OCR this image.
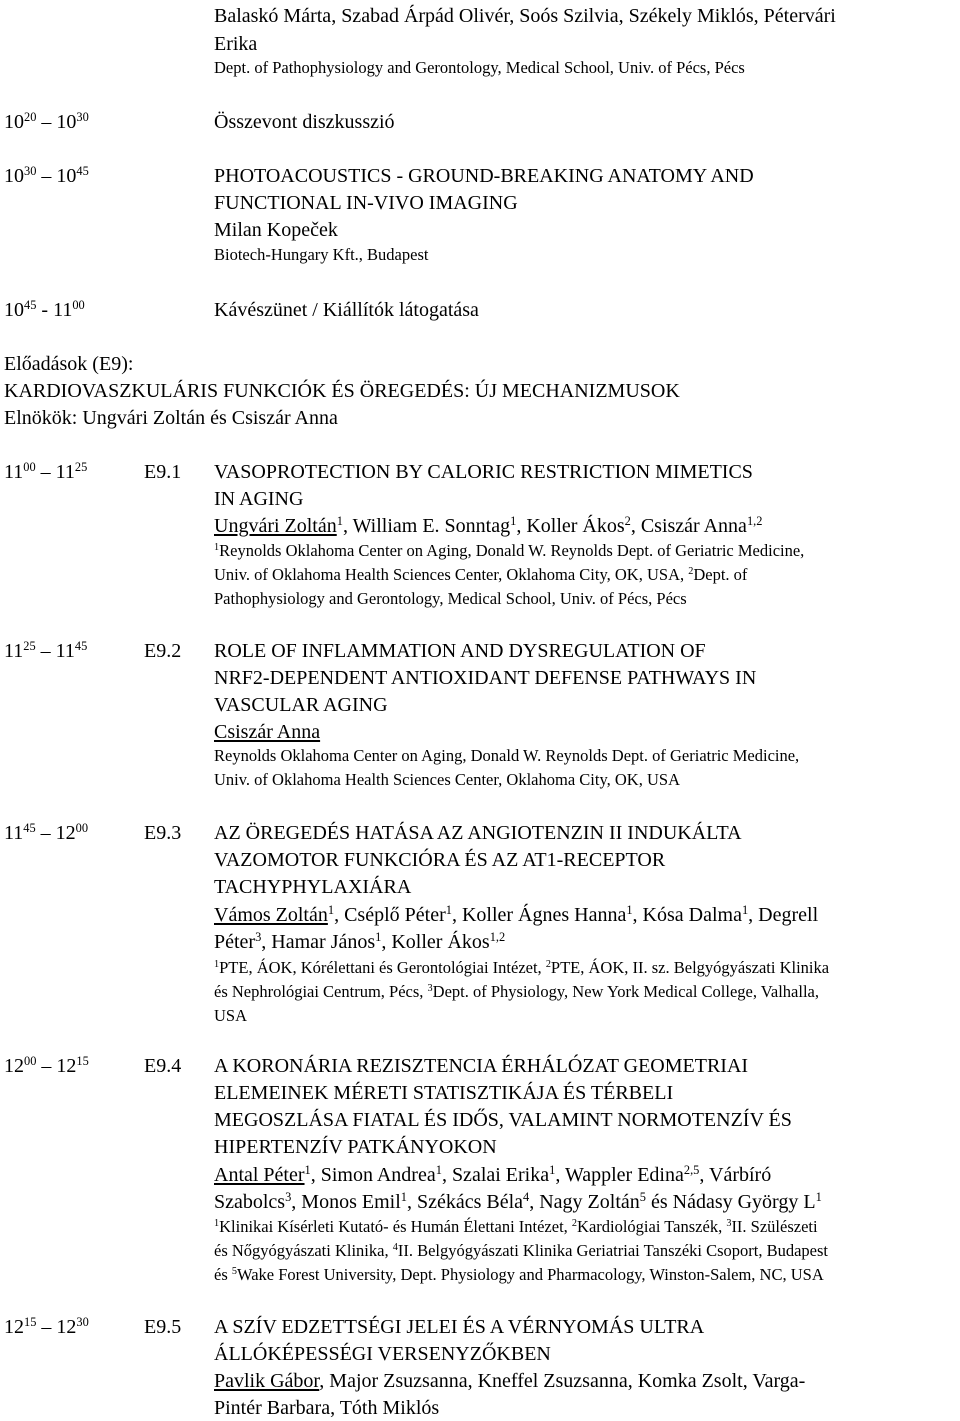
Balaskó Márta, Szabad Árpád Olivér, Soós Szilvia, Székely Miklós, Pétervári
Erika
Dept. of Pathophysiology and Gerontology, Medical School, Univ. of Pécs, Pécs
$10^{20} - 10^{30}$	Összevont diszkusszió
$10^{30} - 10^{45}$	PHOTOACOUSTICS - GROUND-BREAKING ANATOMY AND
FUNCTIONAL IN-VIVO IMAGING
Milan Kopeček
Biotech-Hungary Kft., Budapest
$10^{45} - 11^{00}$	Kávészünet / Kiállítók látogatása
Előadások (E9):
KARDIOVASZKULÁRIS FUNKCIÓK ÉS ÖREGEDÉS: ÚJ MECHANIZMUSOK
Elnökök: Ungvári Zoltán és Csiszár Anna
$11^{00} - 11^{25}$	E9.1 VASOPROTECTION BY CALORIC RESTRICTION MIMETICS
IN AGING
Ungvári Zoltán$^1$, William E. Sonntag$^1$, Koller Ákos$^2$, Csiszár Anna$^{1,2}$
$^1$Reynolds Oklahoma Center on Aging, Donald W. Reynolds Dept. of Geriatric Medicine,
Univ. of Oklahoma Health Sciences Center, Oklahoma City, OK, USA, $^2$Dept. of
Pathophysiology and Gerontology, Medical School, Univ. of Pécs, Pécs
$11^{25} - 11^{45}$	E9.2 ROLE OF INFLAMMATION AND DYSREGULATION OF
NRF2-DEPENDENT ANTIOXIDANT DEFENSE PATHWAYS IN
VASCULAR AGING
Csiszár Anna
Reynolds Oklahoma Center on Aging, Donald W. Reynolds Dept. of Geriatric Medicine,
Univ. of Oklahoma Health Sciences Center, Oklahoma City, OK, USA
$11^{45} - 12^{00}$	E9.3 AZ ÖREGEDÉS HATÁSA AZ ANGIOTENZIN II INDUKÁLTA
VAZOMOTOR FUNKCIÓRA ÉS AZ AT1-RECEPTOR
TACHYPHYLAXIÁRA
Vámos Zoltán$^1$, Cséplő Péter$^1$, Koller Ágnes Hanna$^1$, Kósa Dalma$^1$, Degrell
Péter$^3$, Hamar János$^1$, Koller Ákos$^{1,2}$
$^1$PTE, ÁOK, Kórélettani és Gerontológiai Intézet, $^2$PTE, ÁOK, II. sz. Belgyógyászati Klinika
és Nephrológiai Centrum, Pécs, $^3$Dept. of Physiology, New York Medical College, Valhalla,
USA
$12^{00} - 12^{15}$	E9.4 A KORONÁRIA REZISZTENCIA ÉRHÁLÓZAT GEOMETRIAI
ELEMEINEK MÉRETI STATISZTIKÁJA ÉS TÉRBELI
MEGOSZLÁSA FIATAL ÉS IDŐS, VALAMINT NORMOTENZÍV ÉS
HIPERTENZÍV PATKÁNYOKON
Antal Péter$^1$, Simon Andrea$^1$, Szalai Erika$^1$, Wappler Edina$^{2,5}$, Várbíró
Szabolcs$^3$, Monos Emil$^1$, Székács Béla$^4$, Nagy Zoltán$^5$ és Nádasy György $L^1$
$^1$Klinikai Kísérleti Kutató- és Humán Élettani Intézet, $^2$Kardiológiai Tanszék, $^3$II. Szülészeti
és Nőgyógyászati Klinika, $^4$II. Belgyógyászati Klinika Geriatriai Tanszéki Csoport, Budapest
és $^5$Wake Forest University, Dept. Physiology and Pharmacology, Winston-Salem, NC, USA
$12^{15} - 12^{30}$	E9.5 A SZÍV EDZETTSÉGI JELEI ÉS A VÉRNYOMÁS ULTRA
ÁLLÓKÉPESSÉGI VERSENYZŐKBEN
Pavlik Gábor, Major Zsuzsanna, Kneffel Zsuzsanna, Komka Zsolt, Varga-
Pintér Barbara, Tóth Miklós
